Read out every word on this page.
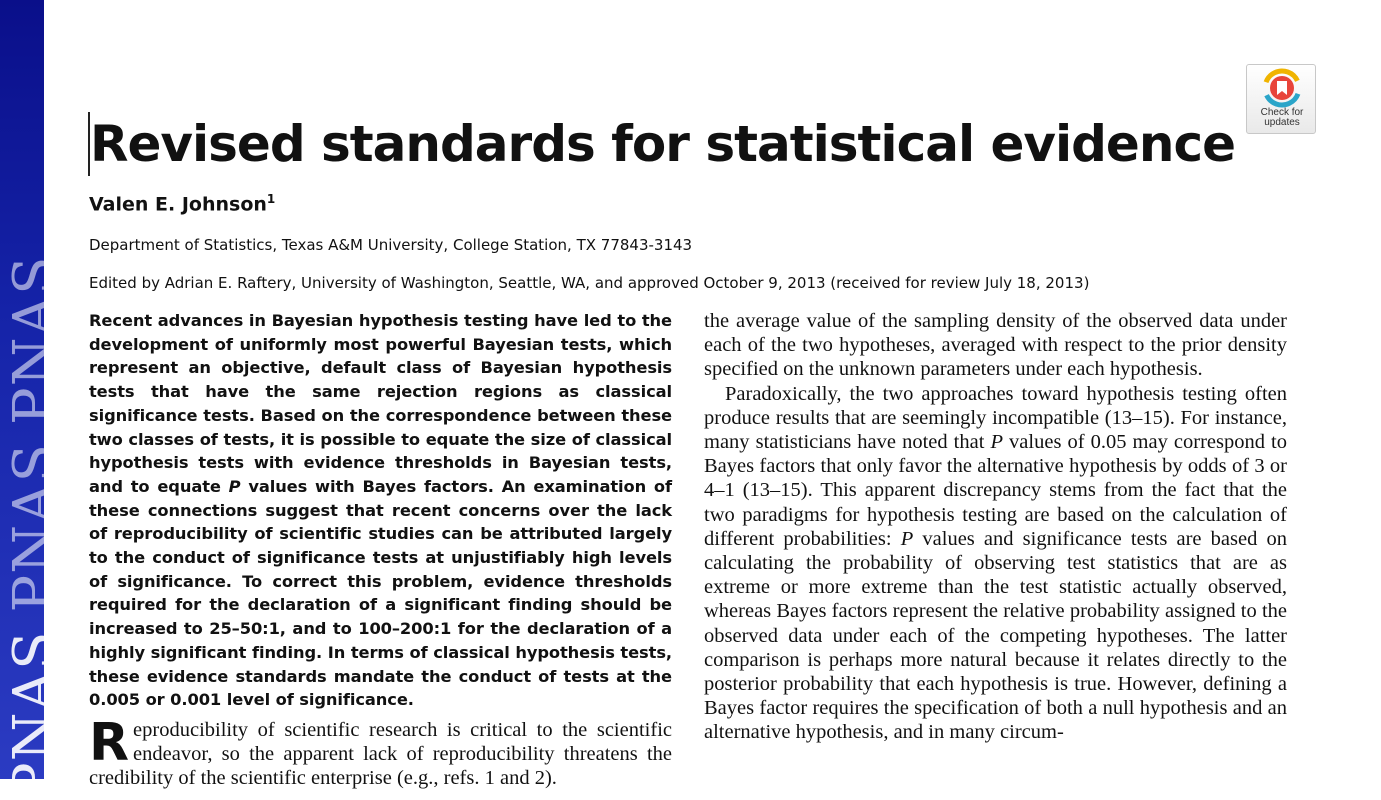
PNASPNASPNAS
Check for
updates
Revised standards for statistical evidence
Valen E. Johnson$^1$
Department of Statistics, Texas A&M University, College Station, TX 77843-3143
Edited by Adrian E. Raftery, University of Washington, Seattle, WA, and approved October 9, 2013 (received for review July 18, 2013)

Recent advances in Bayesian hypothesis testing have led to the development of uniformly most powerful Bayesian tests, which represent an objective, default class of Bayesian hypothesis tests that have the same rejection regions as classical significance tests. Based on the correspondence between these two classes of tests, it is possible to equate the size of classical hypothesis tests with evidence thresholds in Bayesian tests, and to equate P values with Bayes factors. An examination of these connections suggest that recent concerns over the lack of reproducibility of scientific studies can be attributed largely to the conduct of significance tests at unjustifiably high levels of significance. To correct this problem, evidence thresholds required for the declaration of a significant finding should be increased to 25–50:1, and to 100–200:1 for the declaration of a highly significant finding. In terms of classical hypothesis tests, these evidence standards mandate the conduct of tests at the 0.005 or 0.001 level of significance.

Reproducibility of scientific research is critical to the scientific endeavor, so the apparent lack of reproducibility threatens the credibility of the scientific enterprise (e.g., refs. 1 and 2).

the average value of the sampling density of the observed data under each of the two hypotheses, averaged with respect to the prior density specified on the unknown parameters under each hypothesis.

Paradoxically, the two approaches toward hypothesis testing often produce results that are seemingly incompatible (13–15). For instance, many statisticians have noted that P values of 0.05 may correspond to Bayes factors that only favor the alternative hypothesis by odds of 3 or 4–1 (13–15). This apparent discrepancy stems from the fact that the two paradigms for hypothesis testing are based on the calculation of different probabilities: P values and significance tests are based on calculating the probability of observing test statistics that are as extreme or more extreme than the test statistic actually observed, whereas Bayes factors represent the relative probability assigned to the observed data under each of the competing hypotheses. The latter comparison is perhaps more natural because it relates directly to the posterior probability that each hypothesis is true. However, defining a Bayes factor requires the specification of both a null hypothesis and an alternative hypothesis, and in many circum-
